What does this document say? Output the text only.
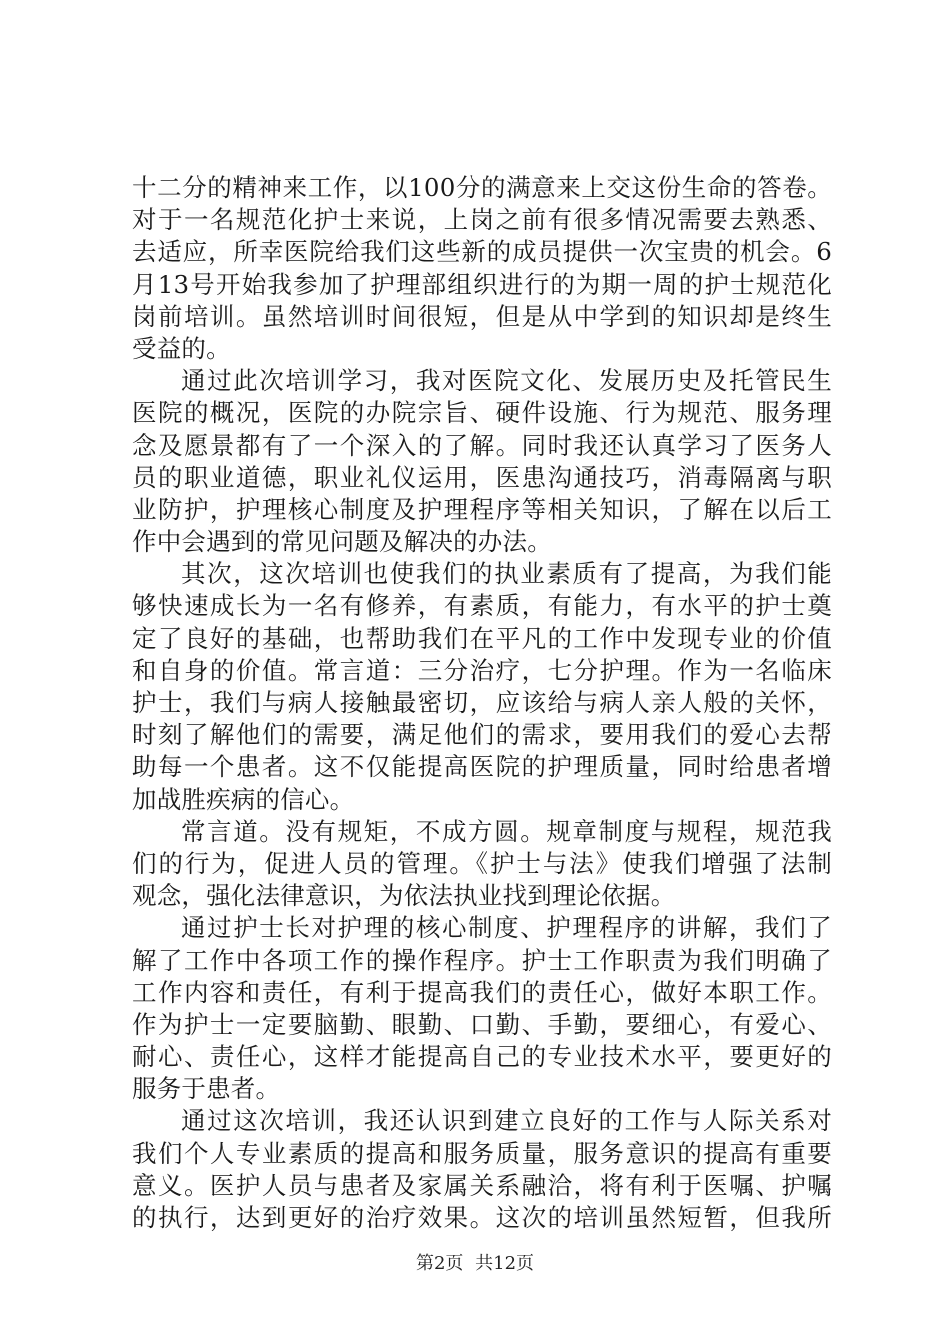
十二分的精神来工作，以100分的满意来上交这份生命的答卷。
对于一名规范化护士来说，上岗之前有很多情况需要去熟悉、
去适应，所幸医院给我们这些新的成员提供一次宝贵的机会。6
月13号开始我参加了护理部组织进行的为期一周的护士规范化
岗前培训。虽然培训时间很短，但是从中学到的知识却是终生
受益的。
通过此次培训学习，我对医院文化、发展历史及托管民生
医院的概况，医院的办院宗旨、硬件设施、行为规范、服务理
念及愿景都有了一个深入的了解。同时我还认真学习了医务人
员的职业道德，职业礼仪运用，医患沟通技巧，消毒隔离与职
业防护，护理核心制度及护理程序等相关知识，了解在以后工
作中会遇到的常见问题及解决的办法。
其次，这次培训也使我们的执业素质有了提高，为我们能
够快速成长为一名有修养，有素质，有能力，有水平的护士奠
定了良好的基础，也帮助我们在平凡的工作中发现专业的价值
和自身的价值。常言道：三分治疗，七分护理。作为一名临床
护士，我们与病人接触最密切，应该给与病人亲人般的关怀，
时刻了解他们的需要，满足他们的需求，要用我们的爱心去帮
助每一个患者。这不仅能提高医院的护理质量，同时给患者增
加战胜疾病的信心。
常言道。没有规矩，不成方圆。规章制度与规程，规范我
们的行为，促进人员的管理。《护士与法》使我们增强了法制
观念，强化法律意识，为依法执业找到理论依据。
通过护士长对护理的核心制度、护理程序的讲解，我们了
解了工作中各项工作的操作程序。护士工作职责为我们明确了
工作内容和责任，有利于提高我们的责任心，做好本职工作。
作为护士一定要脑勤、眼勤、口勤、手勤，要细心，有爱心、
耐心、责任心，这样才能提高自己的专业技术水平，要更好的
服务于患者。
通过这次培训，我还认识到建立良好的工作与人际关系对
我们个人专业素质的提高和服务质量，服务意识的提高有重要
意义。医护人员与患者及家属关系融洽，将有利于医嘱、护嘱
的执行，达到更好的治疗效果。这次的培训虽然短暂，但我所
第2页 共12页
